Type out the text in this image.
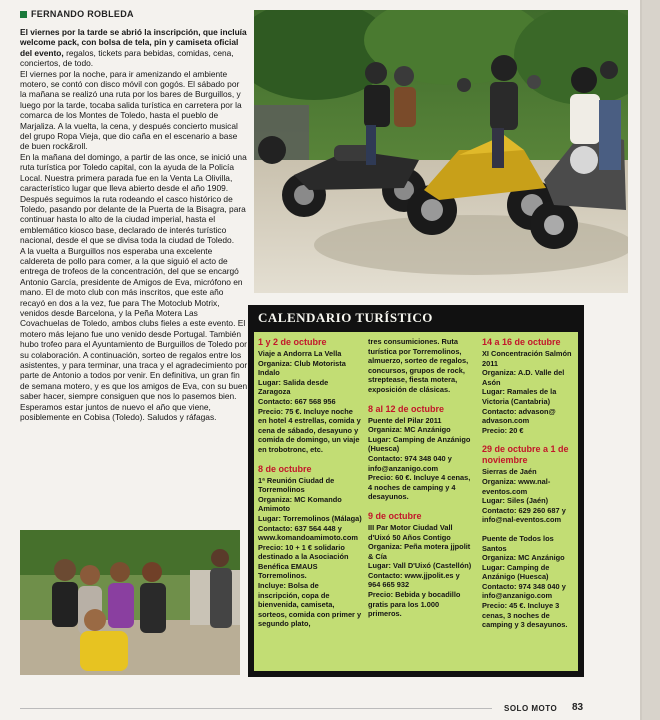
FERNANDO ROBLEDA

El viernes por la tarde se abrió la inscripción, que incluía welcome pack, con bolsa de tela, pin y camiseta oficial del evento, regalos, tickets para bebidas, comidas, cena, conciertos, de todo.

El viernes por la noche, para ir amenizando el ambiente motero, se contó con disco móvil con gogós. El sábado por la mañana se realizó una ruta por los bares de Burguillos, y luego por la tarde, tocaba salida turística en carretera por la comarca de los Montes de Toledo, hasta el pueblo de Marjaliza. A la vuelta, la cena, y después concierto musical del grupo Ropa Vieja, que dio caña en el escenario a base de buen rock&roll.

En la mañana del domingo, a partir de las once, se inició una ruta turística por Toledo capital, con la ayuda de la Policía Local. Nuestra primera parada fue en la Venta La Olivilla, característico lugar que lleva abierto desde el año 1909. Después seguimos la ruta rodeando el casco histórico de Toledo, pasando por delante de la Puerta de la Bisagra, para continuar hasta lo alto de la ciudad imperial, hasta el emblemático kiosco base, declarado de interés turístico nacional, desde el que se divisa toda la ciudad de Toledo.

A la vuelta a Burguillos nos esperaba una excelente caldereta de pollo para comer, a la que siguió el acto de entrega de trofeos de la concentración, del que se encargó Antonio García, presidente de Amigos de Eva, micrófono en mano. El de moto club con más inscritos, que este año recayó en dos a la vez, fue para The Motoclub Motrix, venidos desde Barcelona, y la Peña Motera Las Covachuelas de Toledo, ambos clubs fieles a este evento. El motero más lejano fue uno venido desde Portugal. También hubo trofeo para el Ayuntamiento de Burguillos de Toledo por su colaboración. A continuación, sorteo de regalos entre los asistentes, y para terminar, una traca y el agradecimiento por parte de Antonio a todos por venir. En definitiva, un gran fin de semana motero, y es que los amigos de Eva, con su buen saber hacer, siempre consiguen que nos lo pasemos bien. Esperamos estar juntos de nuevo el año que viene, posiblemente en Cobisa (Toledo). Saludos y ráfagas.

CALENDARIO TURÍSTICO
1 y 2 de octubre
Viaje a Andorra La Vella
Organiza: Club Motorista Indalo
Lugar: Salida desde Zaragoza
Contacto: 667 568 956
Precio: 75 €. Incluye noche en hotel 4 estrellas, comida y cena de sábado, desayuno y comida de domingo, un viaje en trobotronc, etc.
8 de octubre
1ª Reunión Ciudad de Torremolinos
Organiza: MC Komando Amimoto
Lugar: Torremolinos (Málaga)
Contacto: 637 564 448 y www.komandoamimoto.com
Precio: 10 + 1 € solidario destinado a la Asociación Benéfica EMAUS Torremolinos.
Incluye: Bolsa de inscripción, copa de bienvenida, camiseta, sorteos, comida con primer y segundo plato,
tres consumiciones. Ruta turística por Torremolinos, almuerzo, sorteo de regalos, concursos, grupos de rock, streptease, fiesta motera, exposición de clásicas.
8 al 12 de octubre
Puente del Pilar 2011
Organiza: MC Anzánigo
Lugar: Camping de Anzánigo (Huesca)
Contacto: 974 348 040 y info@anzanigo.com
Precio: 60 €. Incluye 4 cenas, 4 noches de camping y 4 desayunos.
9 de octubre
III Par Motor Ciudad Vall d'Uixó 50 Años Contigo
Organiza: Peña motera jjpolit & Cía
Lugar: Vall D'Uixó (Castellón)
Contacto: www.jjpolit.es y 964 665 932
Precio: Bebida y bocadillo gratis para los 1.000 primeros.
14 a 16 de octubre
XI Concentración Salmón 2011
Organiza: A.D. Valle del Asón
Lugar: Ramales de la Victoria (Cantabria)
Contacto: advason@ advason.com
Precio: 20 €
29 de octubre a 1 de noviembre
Sierras de Jaén
Organiza: www.nal-eventos.com
Lugar: Siles (Jaén)
Contacto: 629 260 687 y info@nal-eventos.com
Puente de Todos los Santos
Organiza: MC Anzánigo
Lugar: Camping de Anzánigo (Huesca)
Contacto: 974 348 040 y info@anzanigo.com
Precio: 45 €. Incluye 3 cenas, 3 noches de camping y 3 desayunos.
SOLO MOTO 83
